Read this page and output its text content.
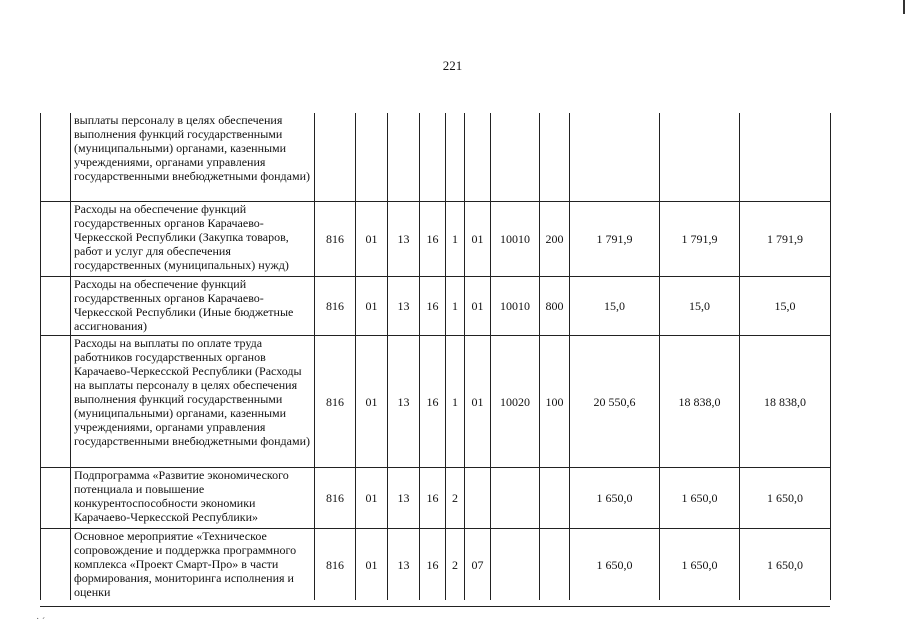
221
	выплаты персоналу в целях обеспечения выполнения функций государственными (муниципальными) органами, казенными учреждениями, органами управления государственными внебюджетными фондами)											
	Расходы на обеспечение функций государственных органов Карачаево-Черкесской Республики (Закупка товаров, работ и услуг для обеспечения государственных (муниципальных) нужд)	816	01	13	16	1	01	10010	200	1 791,9	1 791,9	1 791,9
	Расходы на обеспечение функций государственных органов Карачаево-Черкесской Республики (Иные бюджетные ассигнования)	816	01	13	16	1	01	10010	800	15,0	15,0	15,0
	Расходы на выплаты по оплате труда работников государственных органов Карачаево-Черкесской Республики (Расходы на выплаты персоналу в целях обеспечения выполнения функций государственными (муниципальными) органами, казенными учреждениями, органами управления государственными внебюджетными фондами)	816	01	13	16	1	01	10020	100	20 550,6	18 838,0	18 838,0
	Подпрограмма «Развитие экономического потенциала и повышение конкурентоспособности экономики Карачаево-Черкесской Республики»	816	01	13	16	2				1 650,0	1 650,0	1 650,0
	Основное мероприятие «Техническое сопровождение и поддержка программного комплекса «Проект Смарт-Про» в части формирования, мониторинга исполнения и оценки	816	01	13	16	2	07			1 650,0	1 650,0	1 650,0
˙ ˊ
